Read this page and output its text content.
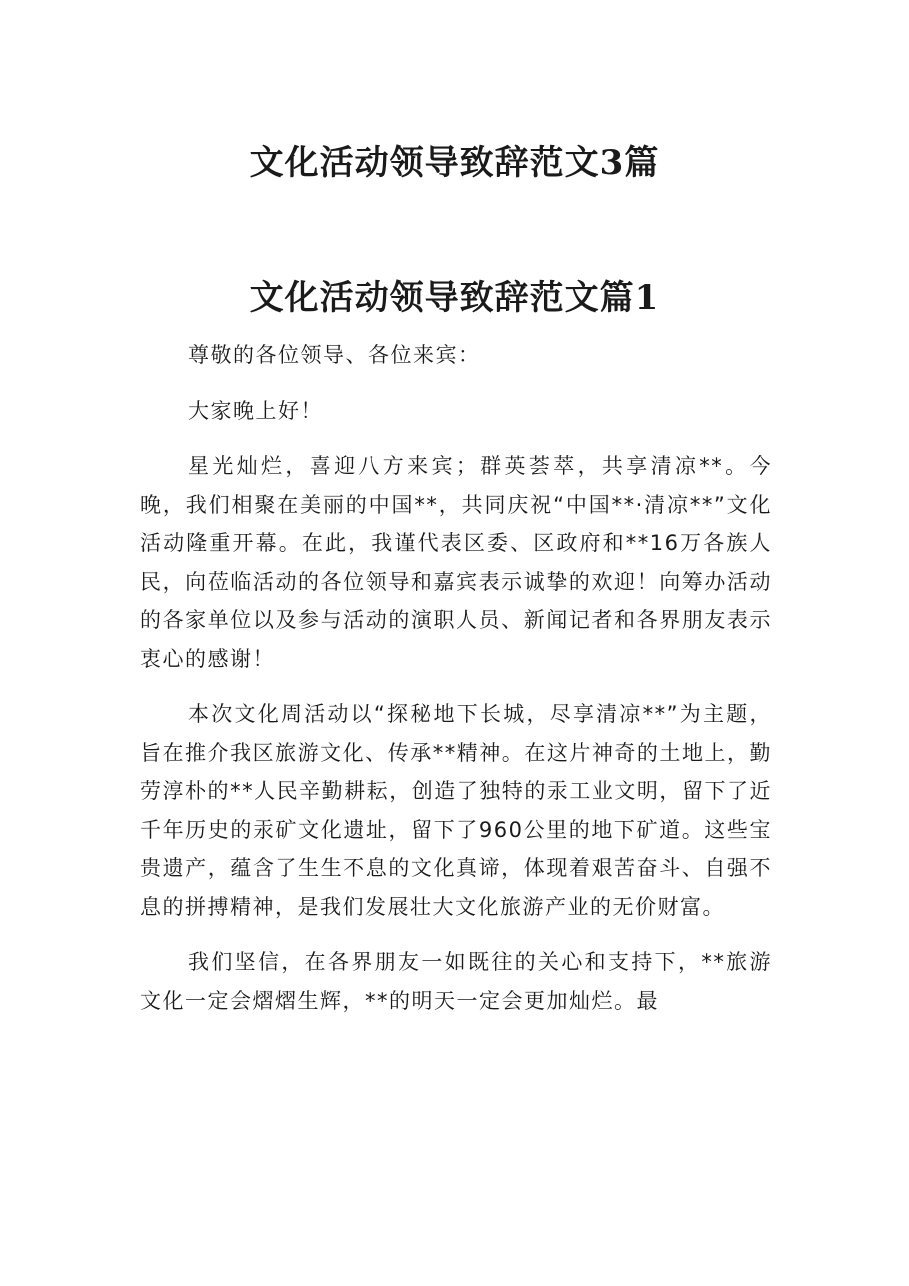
文化活动领导致辞范文3篇
文化活动领导致辞范文篇1

尊敬的各位领导、各位来宾：

大家晚上好！

星光灿烂，喜迎八方来宾；群英荟萃，共享清凉**。今晚，我们相聚在美丽的中国**，共同庆祝“中国**·清凉**”文化活动隆重开幕。在此，我谨代表区委、区政府和**16万各族人民，向莅临活动的各位领导和嘉宾表示诚挚的欢迎！向筹办活动的各家单位以及参与活动的演职人员、新闻记者和各界朋友表示衷心的感谢！

本次文化周活动以“探秘地下长城，尽享清凉**”为主题，旨在推介我区旅游文化、传承**精神。在这片神奇的土地上，勤劳淳朴的**人民辛勤耕耘，创造了独特的汞工业文明，留下了近千年历史的汞矿文化遗址，留下了960公里的地下矿道。这些宝贵遗产，蕴含了生生不息的文化真谛，体现着艰苦奋斗、自强不息的拼搏精神，是我们发展壮大文化旅游产业的无价财富。

我们坚信，在各界朋友一如既往的关心和支持下，**旅游文化一定会熠熠生辉，**的明天一定会更加灿烂。最
